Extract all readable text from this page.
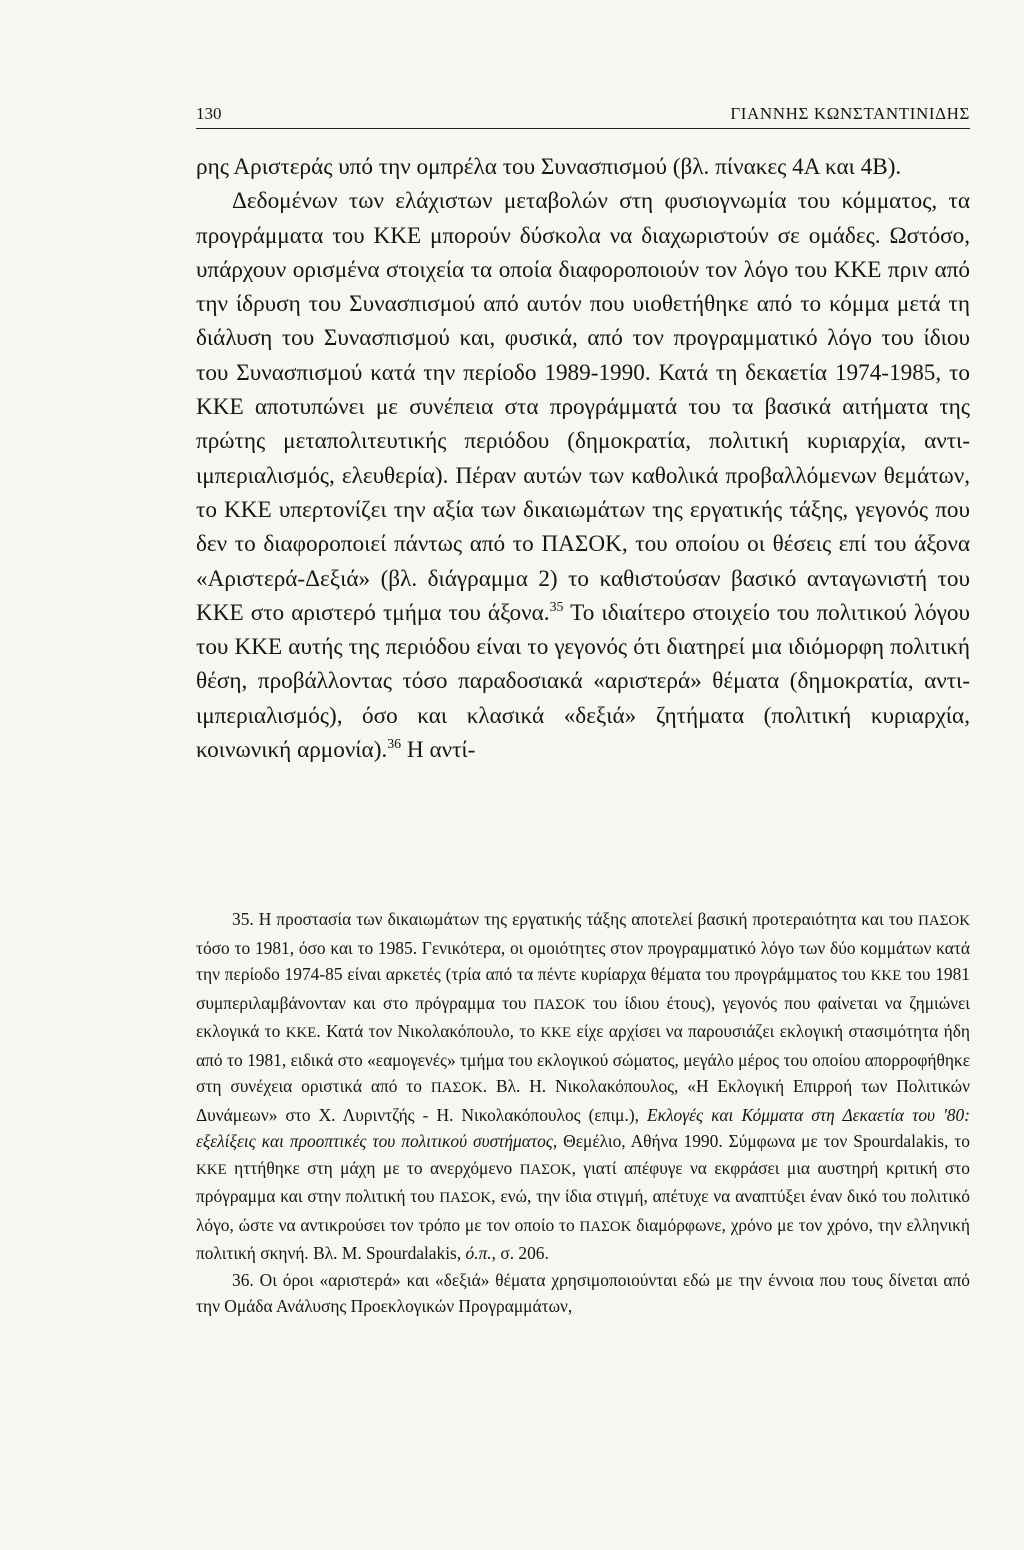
130	ΓΙΑΝΝΗΣ ΚΩΝΣΤΑΝΤΙΝΙΔΗΣ

ρης Αριστεράς υπό την ομπρέλα του Συνασπισμού (βλ. πίνακες 4Α και 4Β).

Δεδομένων των ελάχιστων μεταβολών στη φυσιογνωμία του κόμματος, τα προγράμματα του ΚΚΕ μπορούν δύσκολα να διαχωριστούν σε ομάδες. Ωστόσο, υπάρχουν ορισμένα στοιχεία τα οποία διαφοροποιούν τον λόγο του ΚΚΕ πριν από την ίδρυση του Συνασπισμού από αυτόν που υιοθετήθηκε από το κόμμα μετά τη διάλυση του Συνασπισμού και, φυσικά, από τον προγραμματικό λόγο του ίδιου του Συνασπισμού κατά την περίοδο 1989-1990. Κατά τη δεκαετία 1974-1985, το ΚΚΕ αποτυπώνει με συνέπεια στα προγράμματά του τα βασικά αιτήματα της πρώτης μεταπολιτευτικής περιόδου (δημοκρατία, πολιτική κυριαρχία, αντι-ιμπεριαλισμός, ελευθερία). Πέραν αυτών των καθολικά προβαλλόμενων θεμάτων, το ΚΚΕ υπερτονίζει την αξία των δικαιωμάτων της εργατικής τάξης, γεγονός που δεν το διαφοροποιεί πάντως από το ΠΑΣΟΚ, του οποίου οι θέσεις επί του άξονα «Αριστερά-Δεξιά» (βλ. διάγραμμα 2) το καθιστούσαν βασικό ανταγωνιστή του ΚΚΕ στο αριστερό τμήμα του άξονα.$^{35}$ Το ιδιαίτερο στοιχείο του πολιτικού λόγου του ΚΚΕ αυτής της περιόδου είναι το γεγονός ότι διατηρεί μια ιδιόμορφη πολιτική θέση, προβάλλοντας τόσο παραδοσιακά «αριστερά» θέματα (δημοκρατία, αντι-ιμπεριαλισμός), όσο και κλασικά «δεξιά» ζητήματα (πολιτική κυριαρχία, κοινωνική αρμονία).$^{36}$ Η αντί-

35. Η προστασία των δικαιωμάτων της εργατικής τάξης αποτελεί βασική προτεραιότητα και του ΠΑΣΟΚ τόσο το 1981, όσο και το 1985. Γενικότερα, οι ομοιότητες στον προγραμματικό λόγο των δύο κομμάτων κατά την περίοδο 1974-85 είναι αρκετές (τρία από τα πέντε κυρίαρχα θέματα του προγράμματος του ΚΚΕ του 1981 συμπεριλαμβάνονταν και στο πρόγραμμα του ΠΑΣΟΚ του ίδιου έτους), γεγονός που φαίνεται να ζημιώνει εκλογικά το ΚΚΕ. Κατά τον Νικολακόπουλο, το ΚΚΕ είχε αρχίσει να παρουσιάζει εκλογική στασιμότητα ήδη από το 1981, ειδικά στο «εαμογενές» τμήμα του εκλογικού σώματος, μεγάλο μέρος του οποίου απορροφήθηκε στη συνέχεια οριστικά από το ΠΑΣΟΚ. Βλ. Η. Νικολακόπουλος, «Η Εκλογική Επιρροή των Πολιτικών Δυνάμεων» στο Χ. Λυριντζής - Η. Νικολακόπουλος (επιμ.), Εκλογές και Κόμματα στη Δεκαετία του '80: εξελίξεις και προοπτικές του πολιτικού συστήματος, Θεμέλιο, Αθήνα 1990. Σύμφωνα με τον Spourdalakis, το ΚΚΕ ηττήθηκε στη μάχη με το ανερχόμενο ΠΑΣΟΚ, γιατί απέφυγε να εκφράσει μια αυστηρή κριτική στο πρόγραμμα και στην πολιτική του ΠΑΣΟΚ, ενώ, την ίδια στιγμή, απέτυχε να αναπτύξει έναν δικό του πολιτικό λόγο, ώστε να αντικρούσει τον τρόπο με τον οποίο το ΠΑΣΟΚ διαμόρφωνε, χρόνο με τον χρόνο, την ελληνική πολιτική σκηνή. Βλ. Μ. Spourdalakis, ό.π., σ. 206.

36. Οι όροι «αριστερά» και «δεξιά» θέματα χρησιμοποιούνται εδώ με την έννοια που τους δίνεται από την Ομάδα Ανάλυσης Προεκλογικών Προγραμμάτων,
